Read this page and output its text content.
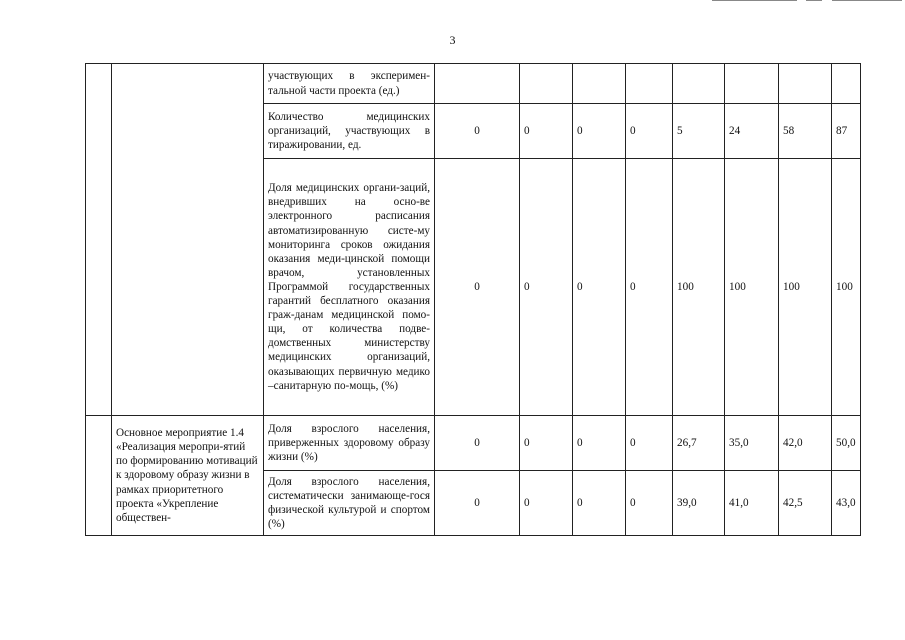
3
		участвующих в эксперимен-тальной части проекта (ед.)								
		Количество медицинских организаций, участвующих в тиражировании, ед.	0	0	0	0	5	24	58	87
		Доля медицинских органи-заций, внедривших на осно-ве электронного расписания автоматизированную систе-му мониторинга сроков ожидания оказания меди-цинской помощи врачом, установленных Программой государственных гарантий бесплатного оказания граж-данам медицинской помо-щи, от количества подве-домственных министерству медицинских организаций, оказывающих первичную медико –санитарную по-мощь, (%)	0	0	0	0	100	100	100	100
	Основное мероприятие 1.4 «Реализация меропри-ятий по формированию мотиваций к здоровому образу жизни в рамках приоритетного проекта «Укрепление обществен-	Доля взрослого населения, приверженных здоровому образу жизни (%)	0	0	0	0	26,7	35,0	42,0	50,0
		Доля взрослого населения, систематически занимающе-гося физической культурой и спортом (%)	0	0	0	0	39,0	41,0	42,5	43,0
